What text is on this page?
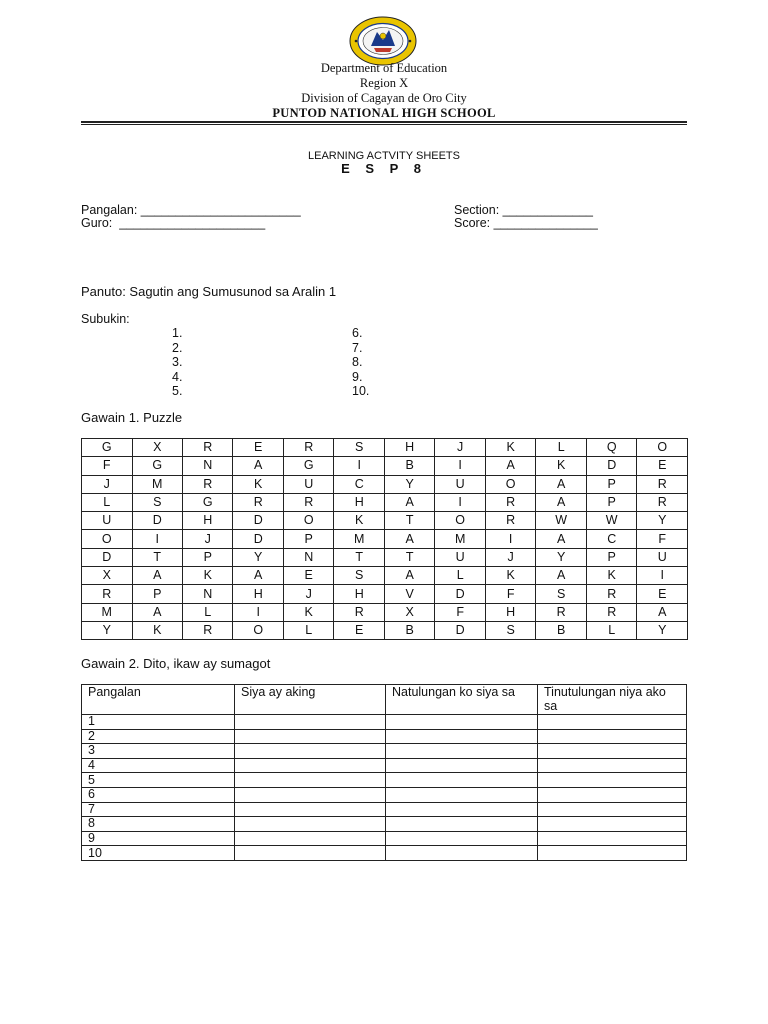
Department of Education
Region X
Division of Cagayan de Oro City
PUNTOD NATIONAL HIGH SCHOOL
LEARNING ACTVITY SHEETS
E S P 8
Pangalan: _______________________	Section: _____________
Guro:  _____________________	Score: _______________
Panuto: Sagutin ang Sumusunod sa Aralin 1
Subukin:
1.
2.
3.
4.
5.
6.
7.
8.
9.
10.
Gawain 1. Puzzle
G	X	R	E	R	S	H	J	K	L	Q	O
F	G	N	A	G	I	B	I	A	K	D	E
J	M	R	K	U	C	Y	U	O	A	P	R
L	S	G	R	R	H	A	I	R	A	P	R
U	D	H	D	O	K	T	O	R	W	W	Y
O	I	J	D	P	M	A	M	I	A	C	F
D	T	P	Y	N	T	T	U	J	Y	P	U
X	A	K	A	E	S	A	L	K	A	K	I
R	P	N	H	J	H	V	D	F	S	R	E
M	A	L	I	K	R	X	F	H	R	R	A
Y	K	R	O	L	E	B	D	S	B	L	Y
Gawain 2. Dito, ikaw ay sumagot
Pangalan	Siya ay aking	Natulungan ko siya sa	Tinutulungan niya ako sa
1			
2			
3			
4			
5			
6			
7			
8			
9			
10			
